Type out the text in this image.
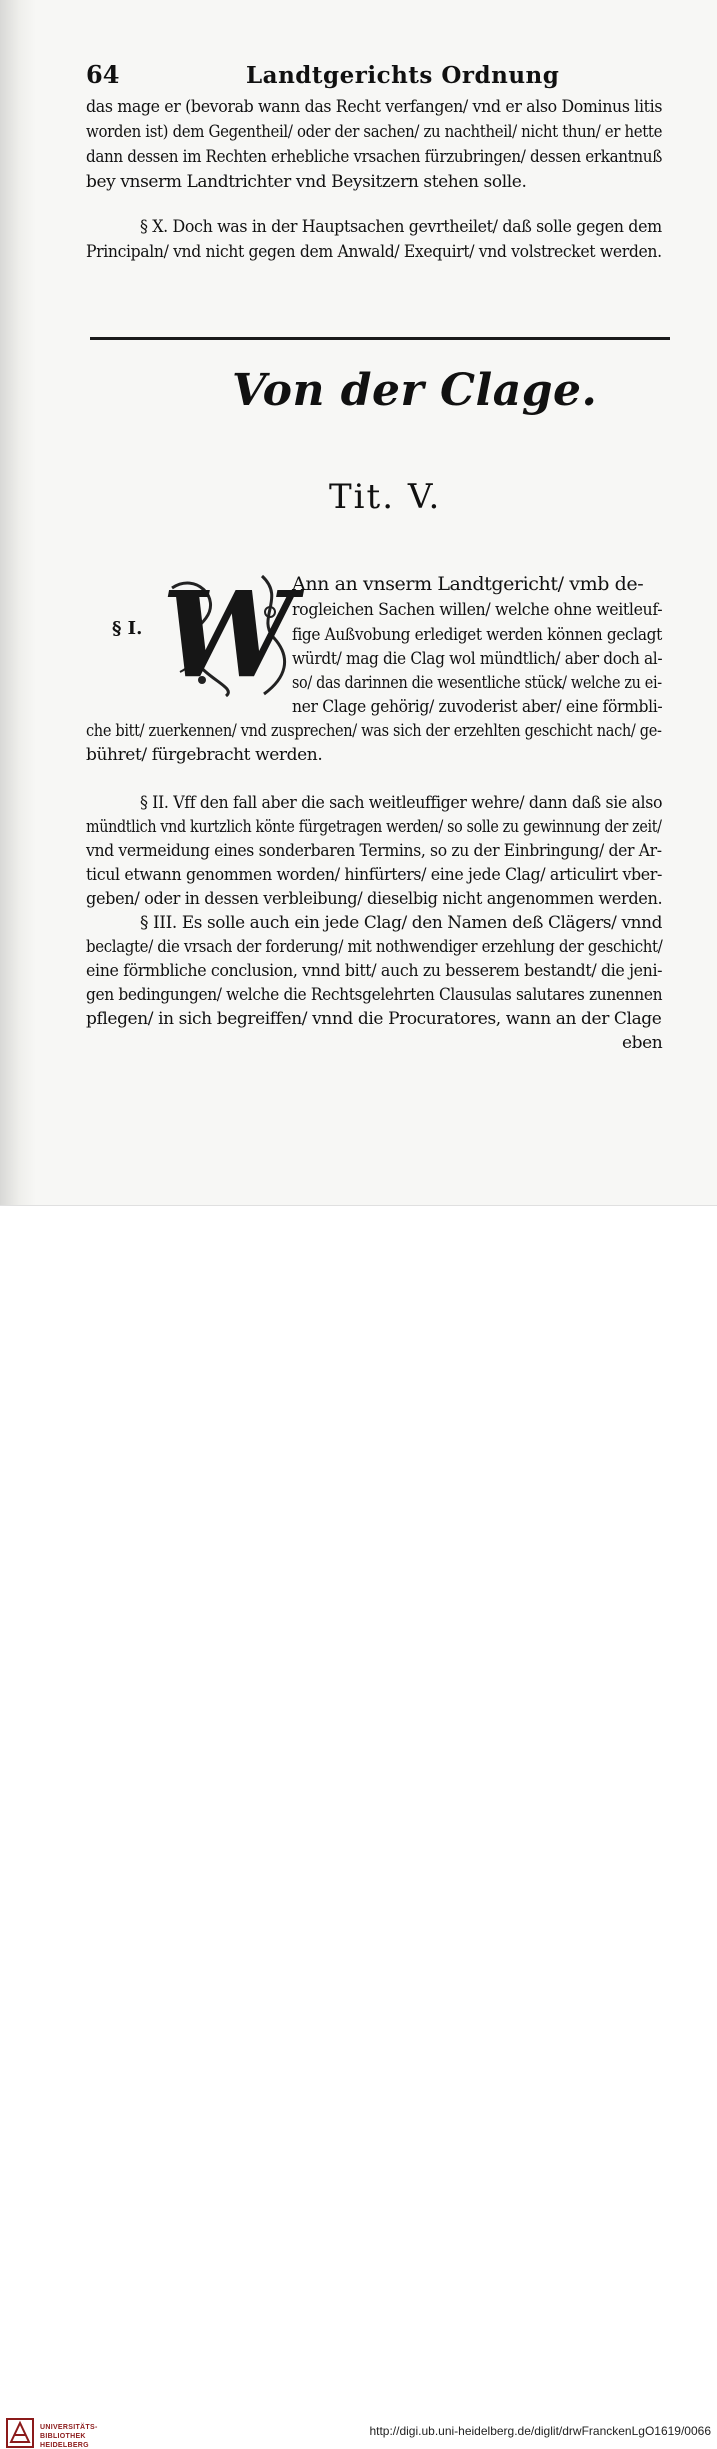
64	Landtgerichts Ordnung
das mage er (bevorab wann das Recht verfangen/ vnd er also Dominus litis
worden ist) dem Gegentheil/ oder der sachen/ zu nachtheil/ nicht thun/ er hette
dann dessen im Rechten erhebliche vrsachen fürzubringen/ dessen erkantnuß
bey vnserm Landtrichter vnd Beysitzern stehen solle.
§ X. Doch was in der Hauptsachen gevrtheilet/ daß solle gegen dem
Principaln/ vnd nicht gegen dem Anwald/ Exequirt/ vnd volstrecket werden.
Von der Clage.
Tit. V.
§ I. W
Ann an vnserm Landtgericht/ vmb de-
rogleichen Sachen willen/ welche ohne weitleuf-
fige Außvobung erlediget werden können geclagt
würdt/ mag die Clag wol mündtlich/ aber doch al-
so/ das darinnen die wesentliche stück/ welche zu ei-
ner Clage gehörig/ zuvoderist aber/ eine förmbli-
che bitt/ zuerkennen/ vnd zusprechen/ was sich der erzehlten geschicht nach/ ge-
bühret/ fürgebracht werden.
§ II. Vff den fall aber die sach weitleuffiger wehre/ dann daß sie also
mündtlich vnd kurtzlich könte fürgetragen werden/ so solle zu gewinnung der zeit/
vnd vermeidung eines sonderbaren Termins, so zu der Einbringung/ der Ar-
ticul etwann genommen worden/ hinfürters/ eine jede Clag/ articulirt vber-
geben/ oder in dessen verbleibung/ dieselbig nicht angenommen werden.
§ III. Es solle auch ein jede Clag/ den Namen deß Clägers/ vnnd
beclagte/ die vrsach der forderung/ mit nothwendiger erzehlung der geschicht/
eine förmbliche conclusion, vnnd bitt/ auch zu besserem bestandt/ die jeni-
gen bedingungen/ welche die Rechtsgelehrten Clausulas salutares zunennen
pflegen/ in sich begreiffen/ vnnd die Procuratores, wann an der Clage
eben
UNIVERSITÄTS-
BIBLIOTHEK
HEIDELBERG
http://digi.ub.uni-heidelberg.de/diglit/drwFranckenLgO1619/0066
